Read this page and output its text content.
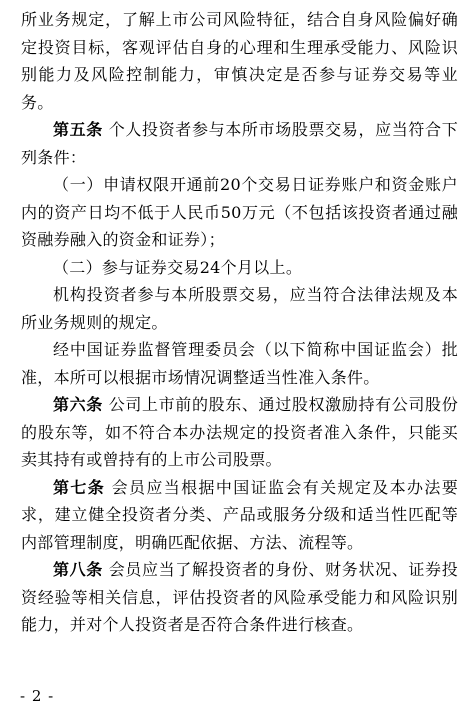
所业务规定，了解上市公司风险特征，结合自身风险偏好确定投资目标，客观评估自身的心理和生理承受能力、风险识别能力及风险控制能力，审慎决定是否参与证券交易等业务。

第五条 个人投资者参与本所市场股票交易，应当符合下列条件：

（一）申请权限开通前20个交易日证券账户和资金账户内的资产日均不低于人民币50万元（不包括该投资者通过融资融券融入的资金和证券）；

（二）参与证券交易24个月以上。

机构投资者参与本所股票交易，应当符合法律法规及本所业务规则的规定。

经中国证券监督管理委员会（以下简称中国证监会）批准，本所可以根据市场情况调整适当性准入条件。

第六条 公司上市前的股东、通过股权激励持有公司股份的股东等，如不符合本办法规定的投资者准入条件，只能买卖其持有或曾持有的上市公司股票。

第七条 会员应当根据中国证监会有关规定及本办法要求，建立健全投资者分类、产品或服务分级和适当性匹配等内部管理制度，明确匹配依据、方法、流程等。

第八条 会员应当了解投资者的身份、财务状况、证券投资经验等相关信息，评估投资者的风险承受能力和风险识别能力，并对个人投资者是否符合条件进行核查。

- 2 -
